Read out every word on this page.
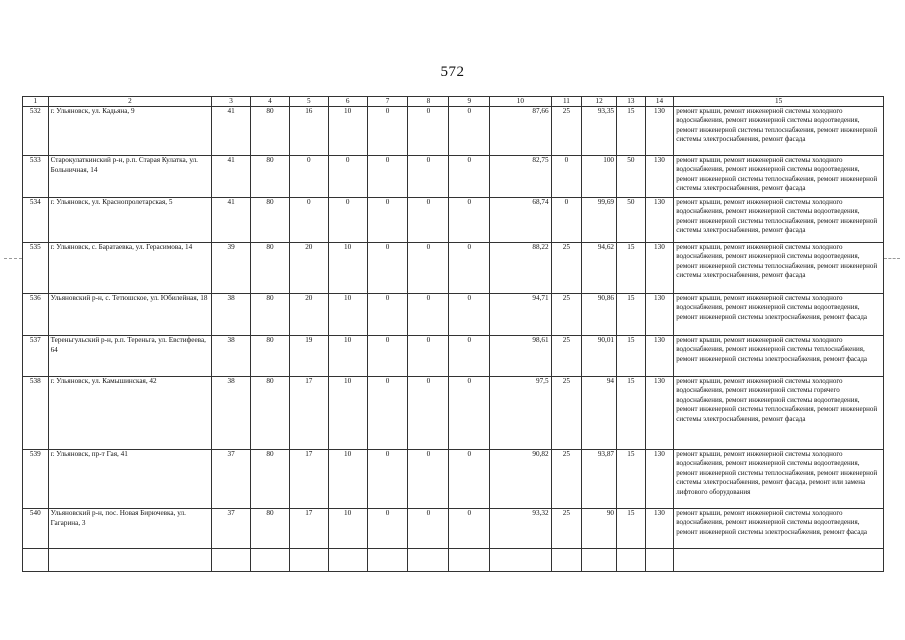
572
1	2	3	4	5	6	7	8	9	10	11	12	13	14	15
532	г. Ульяновск, ул. Кадьяна, 9	41	80	16	10	0	0	0	87,66	25	93,35	15	130	ремонт крыши, ремонт инженерной системы холодного водоснабжения, ремонт инженерной системы водоотведения, ремонт инженерной системы теплоснабжения, ремонт инженерной системы электроснабжения, ремонт фасада
533	Старокулаткинский р-н, р.п. Старая Кулатка, ул. Больничная, 14	41	80	0	0	0	0	0	82,75	0	100	50	130	ремонт крыши, ремонт инженерной системы холодного водоснабжения, ремонт инженерной системы водоотведения, ремонт инженерной системы теплоснабжения, ремонт инженерной системы электроснабжения, ремонт фасада
534	г. Ульяновск, ул. Краснопролетарская, 5	41	80	0	0	0	0	0	68,74	0	99,69	50	130	ремонт крыши, ремонт инженерной системы холодного водоснабжения, ремонт инженерной системы водоотведения, ремонт инженерной системы теплоснабжения, ремонт инженерной системы электроснабжения, ремонт фасада
535	г. Ульяновск, с. Баратаевка, ул. Герасимова, 14	39	80	20	10	0	0	0	88,22	25	94,62	15	130	ремонт крыши, ремонт инженерной системы холодного водоснабжения, ремонт инженерной системы водоотведения, ремонт инженерной системы теплоснабжения, ремонт инженерной системы электроснабжения, ремонт фасада
536	Ульяновский р-н, с. Тетюшское, ул. Юбилейная, 18	38	80	20	10	0	0	0	94,71	25	90,86	15	130	ремонт крыши, ремонт инженерной системы холодного водоснабжения, ремонт инженерной системы водоотведения, ремонт инженерной системы электроснабжения, ремонт фасада
537	Тереньгульский р-н, р.п. Тереньга, ул. Евстифеева, 64	38	80	19	10	0	0	0	98,61	25	90,01	15	130	ремонт крыши, ремонт инженерной системы холодного водоснабжения, ремонт инженерной системы теплоснабжения, ремонт инженерной системы электроснабжения, ремонт фасада
538	г. Ульяновск, ул. Камышинская, 42	38	80	17	10	0	0	0	97,5	25	94	15	130	ремонт крыши, ремонт инженерной системы холодного водоснабжения, ремонт инженерной системы горячего водоснабжения, ремонт инженерной системы водоотведения, ремонт инженерной системы теплоснабжения, ремонт инженерной системы электроснабжения, ремонт фасада
539	г. Ульяновск, пр-т Гая, 41	37	80	17	10	0	0	0	90,82	25	93,87	15	130	ремонт крыши, ремонт инженерной системы холодного водоснабжения, ремонт инженерной системы водоотведения, ремонт инженерной системы теплоснабжения, ремонт инженерной системы электроснабжения, ремонт фасада, ремонт или замена лифтового оборудования
540	Ульяновский р-н, пос. Новая Бирючевка, ул. Гагарина, 3	37	80	17	10	0	0	0	93,32	25	90	15	130	ремонт крыши, ремонт инженерной системы холодного водоснабжения, ремонт инженерной системы водоотведения, ремонт инженерной системы электроснабжения, ремонт фасада
